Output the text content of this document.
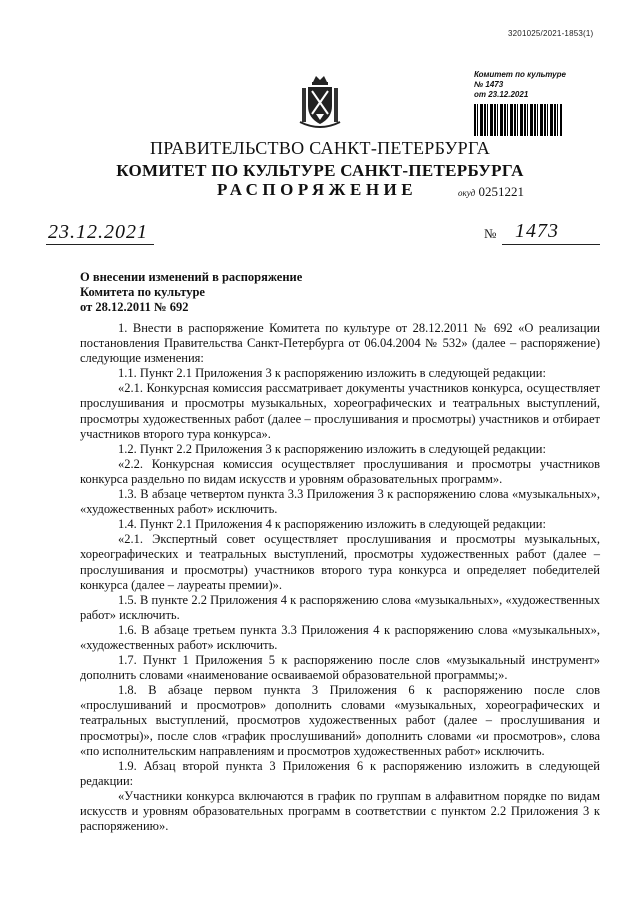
3201025/2021-1853(1)
Комитет по культуре
№ 1473
от 23.12.2021
ПРАВИТЕЛЬСТВО САНКТ-ПЕТЕРБУРГА
КОМИТЕТ ПО КУЛЬТУРЕ САНКТ-ПЕТЕРБУРГА
РАСПОРЯЖЕНИЕ	окуд 0251221
23.12.2021	№ 1473
О внесении изменений в распоряжение
Комитета по культуре
от 28.12.2011 № 692

1. Внести в распоряжение Комитета по культуре от 28.12.2011 № 692 «О реализации постановления Правительства Санкт-Петербурга от 06.04.2004 № 532» (далее – распоряжение) следующие изменения:

1.1. Пункт 2.1 Приложения 3 к распоряжению изложить в следующей редакции:

«2.1. Конкурсная комиссия рассматривает документы участников конкурса, осуществляет прослушивания и просмотры музыкальных, хореографических и театральных выступлений, просмотры художественных работ (далее – прослушивания и просмотры) участников и отбирает участников второго тура конкурса».

1.2. Пункт 2.2 Приложения 3 к распоряжению изложить в следующей редакции:

«2.2. Конкурсная комиссия осуществляет прослушивания и просмотры участников конкурса раздельно по видам искусств и уровням образовательных программ».

1.3. В абзаце четвертом пункта 3.3 Приложения 3 к распоряжению слова «музыкальных», «художественных работ» исключить.

1.4. Пункт 2.1 Приложения 4 к распоряжению изложить в следующей редакции:

«2.1. Экспертный совет осуществляет прослушивания и просмотры музыкальных, хореографических и театральных выступлений, просмотры художественных работ (далее – прослушивания и просмотры) участников второго тура конкурса и определяет победителей конкурса (далее – лауреаты премии)».

1.5. В пункте 2.2 Приложения 4 к распоряжению слова «музыкальных», «художественных работ» исключить.

1.6. В абзаце третьем пункта 3.3 Приложения 4 к распоряжению слова «музыкальных», «художественных работ» исключить.

1.7. Пункт 1 Приложения 5 к распоряжению после слов «музыкальный инструмент» дополнить словами «наименование осваиваемой образовательной программы;».

1.8. В абзаце первом пункта 3 Приложения 6 к распоряжению после слов «прослушиваний и просмотров» дополнить словами «музыкальных, хореографических и театральных выступлений, просмотров художественных работ (далее – прослушивания и просмотры)», после слов «график прослушиваний» дополнить словами «и просмотров», слова «по исполнительским направлениям и просмотров художественных работ» исключить.

1.9. Абзац второй пункта 3 Приложения 6 к распоряжению изложить в следующей редакции:

«Участники конкурса включаются в график по группам в алфавитном порядке по видам искусств и уровням образовательных программ в соответствии с пунктом 2.2 Приложения 3 к распоряжению».
